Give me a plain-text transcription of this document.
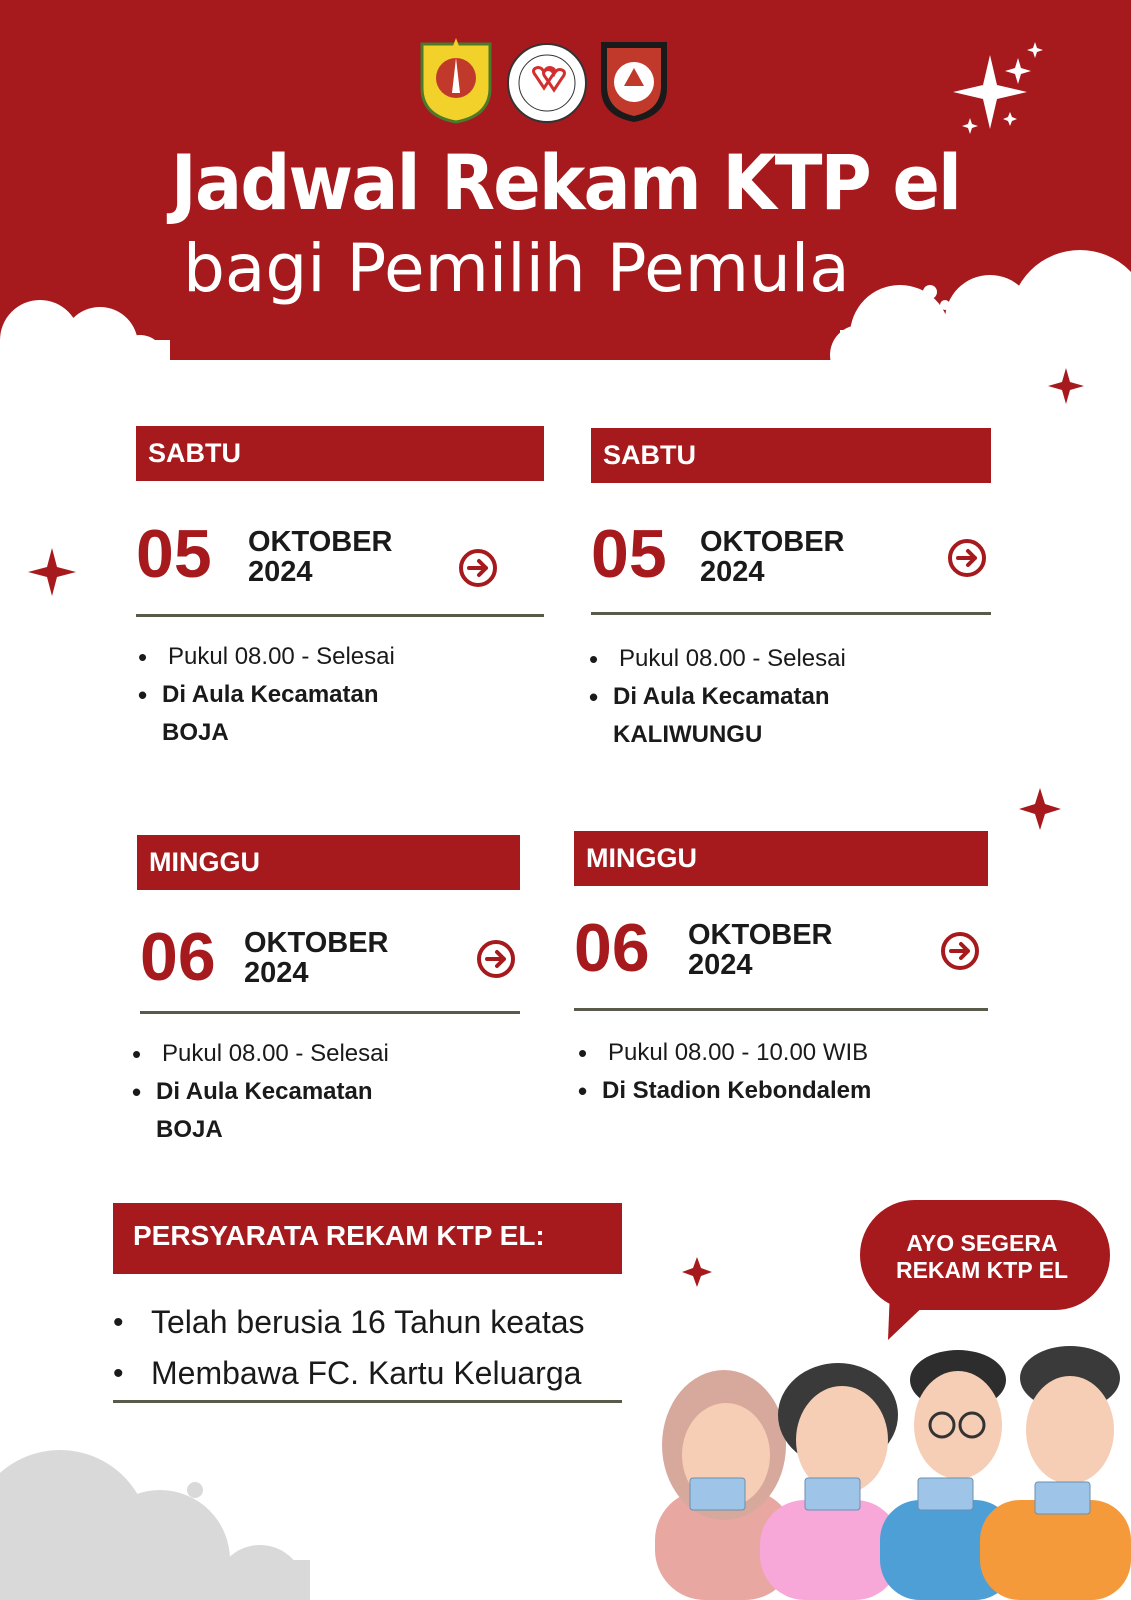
Jadwal Rekam KTP el
bagi Pemilih Pemula
SABTU
05 OKTOBER
2024
• Pukul 08.00 - Selesai
• Di Aula Kecamatan
BOJA
SABTU
05 OKTOBER
2024
• Pukul 08.00 - Selesai
• Di Aula Kecamatan
KALIWUNGU
MINGGU
06 OKTOBER
2024
• Pukul 08.00 - Selesai
• Di Aula Kecamatan
BOJA
MINGGU
06 OKTOBER
2024
• Pukul 08.00 - 10.00 WIB
• Di Stadion Kebondalem
PERSYARATA REKAM KTP EL:
• Telah berusia 16 Tahun keatas
• Membawa FC. Kartu Keluarga
AYO SEGERA
REKAM KTP EL
